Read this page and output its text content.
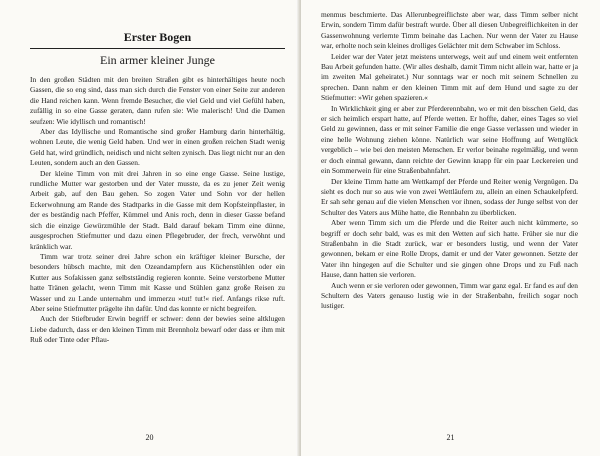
Erster Bogen

Ein armer kleiner Junge

In den großen Städten mit den breiten Straßen gibt es hinterhältiges heute noch Gassen, die so eng sind, dass man sich durch die Fenster von einer Seite zur anderen die Hand reichen kann. Wenn fremde Besucher, die viel Geld und viel Gefühl haben, zufällig in so eine Gasse geraten, dann rufen sie: Wie malerisch! Und die Damen seufzen: Wie idyllisch und romantisch!

Aber das Idyllische und Romantische sind großer Hamburg darin hinterhältig, wohnen Leute, die wenig Geld haben. Und wer in einen großen reichen Stadt wenig Geld hat, wird gründlich, neidisch und nicht selten zynisch. Das liegt nicht nur an den Leuten, sondern auch an den Gassen.

Der kleine Timm von mit drei Jahren in so eine enge Gasse. Seine lustige, rundliche Mutter war gestorben und der Vater musste, da es zu jener Zeit wenig Arbeit gab, auf den Bau gehen. So zogen Vater und Sohn vor der hellen Eckerwohnung am Rande des Stadtparks in die Gasse mit dem Kopfsteinpflaster, in der es beständig nach Pfeffer, Kümmel und Anis roch, denn in dieser Gasse befand sich die einzige Gewürzmühle der Stadt. Bald darauf bekam Timm eine dünne, ausgesprochen Stiefmutter und dazu einen Pflegebruder, der frech, verwöhnt und kränklich war.

Timm war trotz seiner drei Jahre schon ein kräftiger kleiner Bursche, der besonders hübsch machte, mit den Ozeandampfern aus Küchenstühlen oder ein Kutter aus Sofakissen ganz selbstständig regieren konnte. Seine verstorbene Mutter hatte Tränen gelacht, wenn Timm mit Kasse und Stühlen ganz große Reisen zu Wasser und zu Lande unternahm und immerzu »tut! tut!« rief. Anfangs rikse ruft. Aber seine Stiefmutter prägelte ihn dafür. Und das konnte er nicht begreifen.

Auch der Stiefbruder Erwin begriff er schwer: denn der bewies seine altklugen Liebe dadurch, dass er den kleinen Timm mit Brennholz bewarf oder dass er ihm mit Ruß oder Tinte oder Pflau-

20

menmus beschmierte. Das Allerunbegreiflichste aber war, dass Timm selber nicht Erwin, sondern Timm dafür bestraft wurde. Über all diesen Unbegreiflichkeiten in der Gassenwohnung verlernte Timm beinahe das Lachen. Nur wenn der Vater zu Hause war, erholte noch sein kleines drolliges Gelächter mit dem Schwaber im Schloss.

Leider war der Vater jetzt meistens unterwegs, weit auf und einem weit entfernten Bau Arbeit gefunden hatte. (Wir alles deshalb, damit Timm nicht allein war, hatte er ja im zweiten Mal geheiratet.) Nur sonntags war er noch mit seinem Schnellen zu sprechen. Dann nahm er den kleinen Timm mit auf dem Hund und sagte zu der Stiefmutter: »Wir gehen spazieren.«

In Wirklichkeit ging er aber zur Pferderennbahn, wo er mit den bisschen Geld, das er sich heimlich erspart hatte, auf Pferde wetten. Er hoffte, daher, eines Tages so viel Geld zu gewinnen, dass er mit seiner Familie die enge Gasse verlassen und wieder in eine helle Wohnung ziehen könne. Natürlich war seine Hoffnung auf Wettglück vergeblich – wie bei den meisten Menschen. Er verlor beinahe regelmäßig, und wenn er doch einmal gewann, dann reichte der Gewinn knapp für ein paar Leckereien und ein Sommerwein für eine Straßenbahnfahrt.

Der kleine Timm hatte am Wettkampf der Pferde und Reiter wenig Vergnügen. Da sieht es doch nur so aus wie von zwei Wettläufern zu, allein an einen Schaukelpferd. Er sah sehr genau auf die vielen Menschen vor ihnen, sodass der Junge selbst von der Schulter des Vaters aus Mühe hatte, die Rennbahn zu überblicken.

Aber wenn Timm sich um die Pferde und die Reiter auch nicht kümmerte, so begriff er doch sehr bald, was es mit den Wetten auf sich hatte. Früher sie nur die Straßenbahn in die Stadt zurück, war er besonders lustig, und wenn der Vater gewonnen, bekam er eine Rolle Drops, damit er und der Vater gewonnen. Setzte der Vater ihn hingegen auf die Schulter und sie gingen ohne Drops und zu Fuß nach Hause, dann hatten sie verloren.

Auch wenn er sie verloren oder gewonnen, Timm war ganz egal. Er fand es auf den Schultern des Vaters genauso lustig wie in der Straßenbahn, freilich sogar noch lustiger.

21
